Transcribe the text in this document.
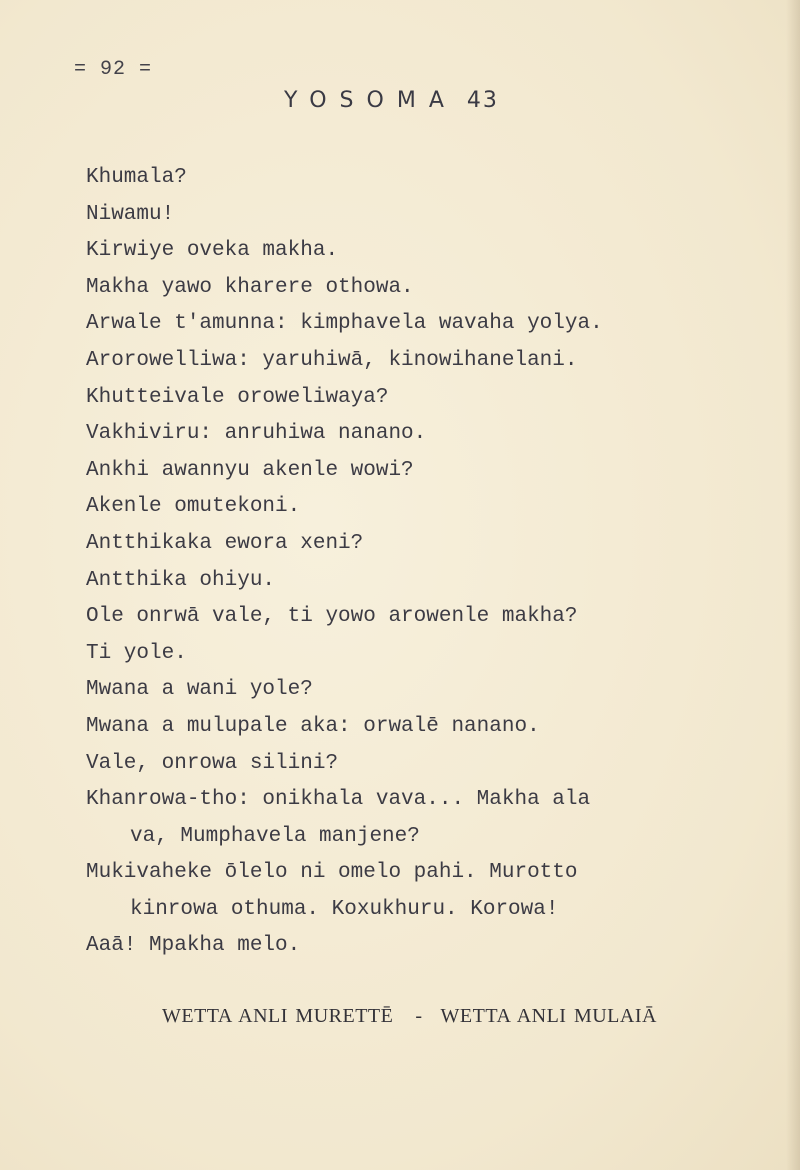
= 92 =
YOSOMA 43
Khumala?
Niwamu!
Kirwiye oveka makha.
Makha yawo kharere othowa.
Arwale t'amunna: kimphavela wavaha yolya.
Arorowelliwa: yaruhiwā, kinowihanelani.
Khutteivale oroweliwaya?
Vakhiviru: anruhiwa nanano.
Ankhi awannyu akenle wowi?
Akenle omutekoni.
Antthikaka ewora xeni?
Antthika ohiyu.
Ole onrwā vale, ti yowo arowenle makha?
Ti yole.
Mwana a wani yole?
Mwana a mulupale aka: orwalē nanano.
Vale, onrowa silini?
Khanrowa-tho: onikhala vava... Makha ala
va, Mumphavela manjene?
Mukivaheke ōlelo ni omelo pahi. Murotto
kinrowa othuma. Koxukhuru. Korowa!
Aaā! Mpakha melo.
WETTA ANLI MURETTĒ - WETTA ANLI MULAIĀ
